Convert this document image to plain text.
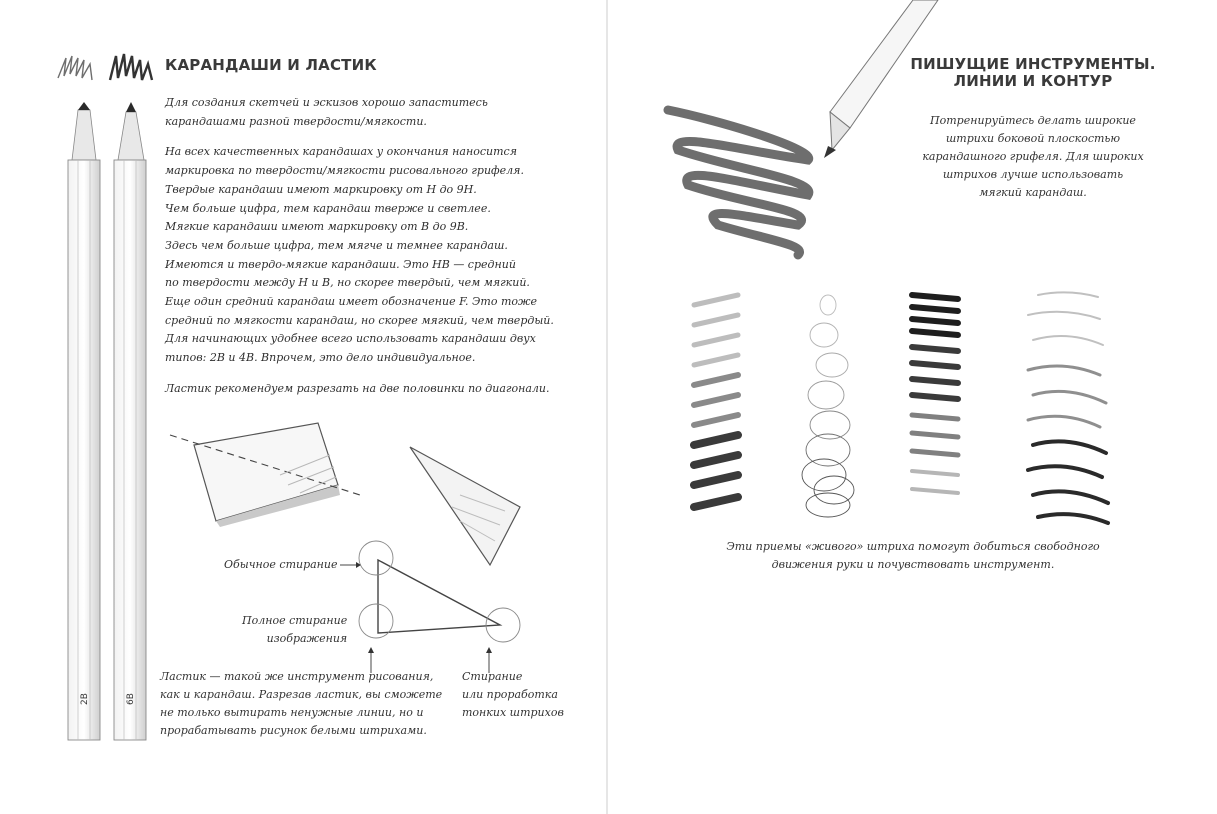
КАРАНДАШИ И ЛАСТИК
2B	6B

Для создания скетчей и эскизов хорошо запаститесь
карандашами разной твердости/мягкости.

На всех качественных карандашах у окончания наносится
маркировка по твердости/мягкости рисовального грифеля.
Твердые карандаши имеют маркировку от Н до 9Н.
Чем больше цифра, тем карандаш тверже и светлее.
Мягкие карандаши имеют маркировку от В до 9В.
Здесь чем больше цифра, тем мягче и темнее карандаш.
Имеются и твердо-мягкие карандаши. Это НВ — средний
по твердости между Н и В, но скорее твердый, чем мягкий.
Еще один средний карандаш имеет обозначение F. Это тоже
средний по мягкости карандаш, но скорее мягкий, чем твердый.
Для начинающих удобнее всего использовать карандаши двух
типов: 2В и 4В. Впрочем, это дело индивидуальное.

Ластик рекомендуем разрезать на две половинки по диагонали.

Обычное стирание
Полное стирание
изображения
Ластик — такой же инструмент рисования,
как и карандаш. Разрезав ластик, вы сможете
не только вытирать ненужные линии, но и
прорабатывать рисунок белыми штрихами.
Стирание
или проработка
тонких штрихов
ПИШУЩИЕ ИНСТРУМЕНТЫ.
ЛИНИИ И КОНТУР
Потренируйтесь делать широкие
штрихи боковой плоскостью
карандашного грифеля. Для широких
штрихов лучше использовать
мягкий карандаш.
Эти приемы «живого» штриха помогут добиться свободного
движения руки и почувствовать инструмент.
